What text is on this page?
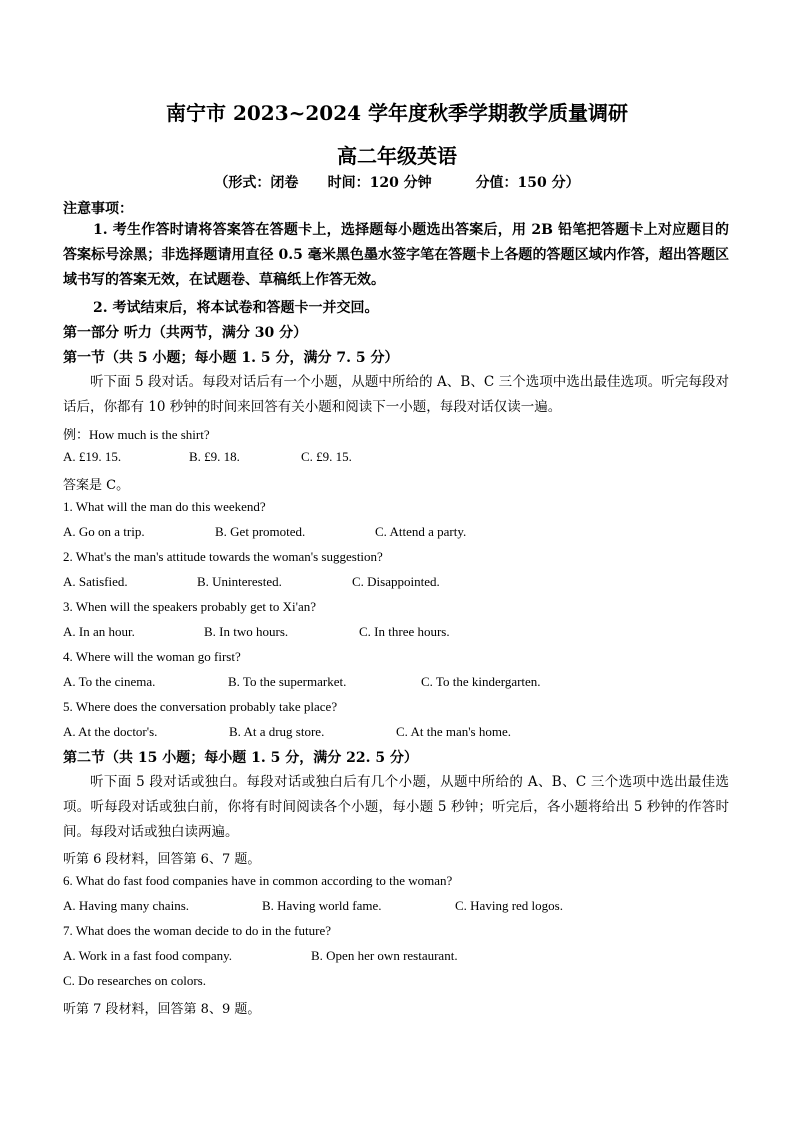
南宁市 2023~2024 学年度秋季学期教学质量调研
高二年级英语
（形式：闭卷      时间：120 分钟         分值：150 分）
注意事项：
1. 考生作答时请将答案答在答题卡上，选择题每小题选出答案后，用 2B 铅笔把答题卡上对应题目的答案标号涂黑；非选择题请用直径 0.5 毫米黑色墨水签字笔在答题卡上各题的答题区域内作答，超出答题区域书写的答案无效，在试题卷、草稿纸上作答无效。
2. 考试结束后，将本试卷和答题卡一并交回。
第一部分 听力（共两节，满分 30 分）
第一节（共 5 小题；每小题 1. 5 分，满分 7. 5 分）
听下面 5 段对话。每段对话后有一个小题，从题中所给的 A、B、C 三个选项中选出最佳选项。听完每段对话后，你都有 10 秒钟的时间来回答有关小题和阅读下一小题，每段对话仅读一遍。
例：How much is the shirt?
A. £19. 15.	B. £9. 18.	C. £9. 15.
答案是 C。
1. What will the man do this weekend?
A. Go on a trip.	B. Get promoted.	C. Attend a party.
2. What's the man's attitude towards the woman's suggestion?
A. Satisfied.	B. Uninterested.	C. Disappointed.
3. When will the speakers probably get to Xi'an?
A. In an hour.	B. In two hours.	C. In three hours.
4. Where will the woman go first?
A. To the cinema.	B. To the supermarket.	C. To the kindergarten.
5. Where does the conversation probably take place?
A. At the doctor's.	B. At a drug store.	C. At the man's home.
第二节（共 15 小题；每小题 1. 5 分，满分 22. 5 分）
听下面 5 段对话或独白。每段对话或独白后有几个小题，从题中所给的 A、B、C 三个选项中选出最佳选项。听每段对话或独白前，你将有时间阅读各个小题，每小题 5 秒钟；听完后，各小题将给出 5 秒钟的作答时间。每段对话或独白读两遍。
听第 6 段材料，回答第 6、7 题。
6. What do fast food companies have in common according to the woman?
A. Having many chains.	B. Having world fame.	C. Having red logos.
7. What does the woman decide to do in the future?
A. Work in a fast food company.	B. Open her own restaurant.
C. Do researches on colors.
听第 7 段材料，回答第 8、9 题。
